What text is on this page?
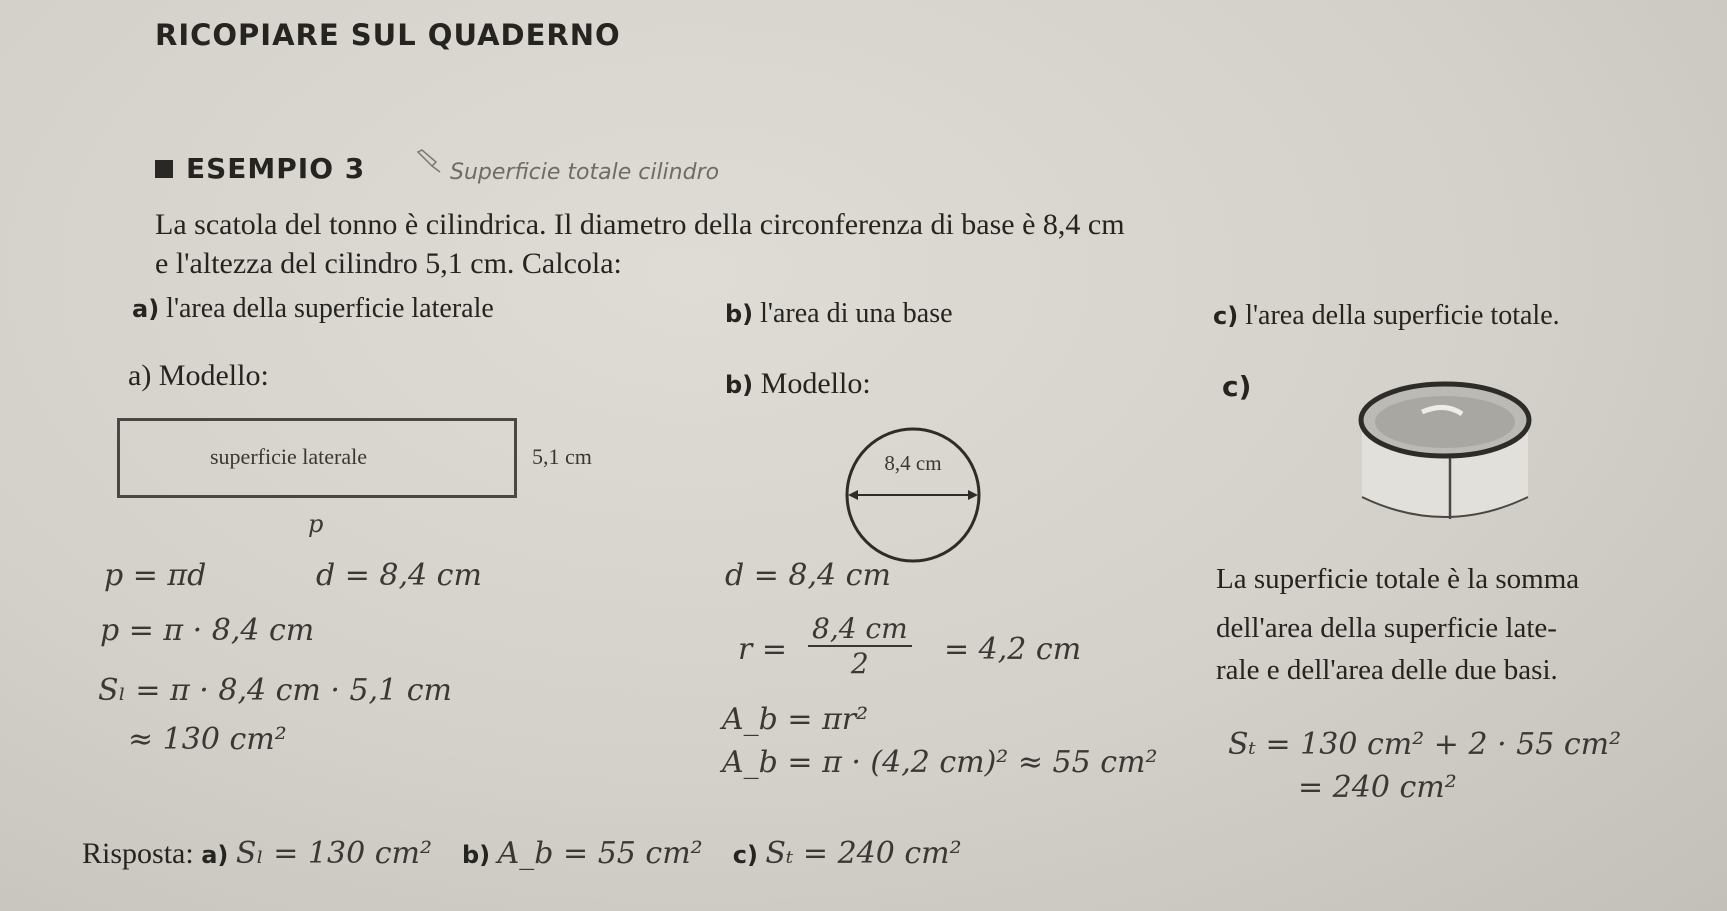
RICOPIARE SUL QUADERNO
ESEMPIO 3	Superficie totale cilindro
La scatola del tonno è cilindrica. Il diametro della circonferenza di base è 8,4 cm
e l'altezza del cilindro 5,1 cm. Calcola:
a) l'area della superficie laterale	b) l'area di una base	c) l'area della superficie totale.
a) Modello:	b) Modello:	c)
superficie laterale	5,1 cm
p
8,4 cm
p = πd	d = 8,4 cm
p = π · 8,4 cm
Sₗ = π · 8,4 cm · 5,1 cm
≈ 130 cm²
d = 8,4 cm
$r = \frac{8,4 cm}{2} = 4,2$ cm
A_b = πr²
A_b = π · (4,2 cm)² ≈ 55 cm²
La superficie totale è la somma
dell'area della superficie late-
rale e dell'area delle due basi.
Sₜ = 130 cm² + 2 · 55 cm²
= 240 cm²
Risposta: a) Sₗ = 130 cm² b) A_b = 55 cm² c) Sₜ = 240 cm²
